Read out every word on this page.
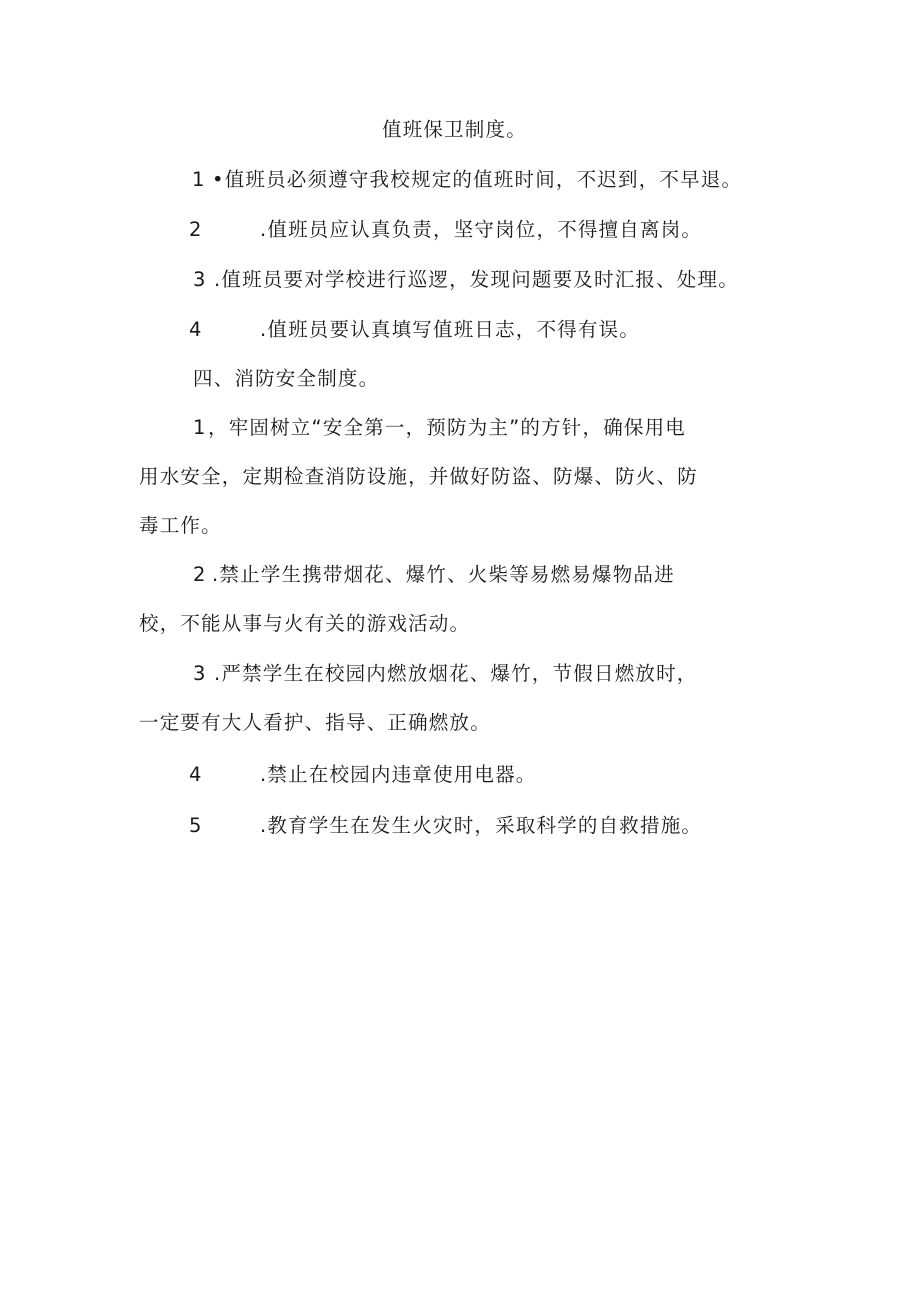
值班保卫制度。
1 •值班员必须遵守我校规定的值班时间，不迟到，不早退。
2	.值班员应认真负责，坚守岗位，不得擅自离岗。
3 .值班员要对学校进行巡逻，发现问题要及时汇报、处理。
4	.值班员要认真填写值班日志，不得有误。
四、消防安全制度。
1 ，牢固树立“安全第一，预防为主”的方针，确保用电
用水安全，定期检查消防设施，并做好防盗、防爆、防火、防
毒工作。
2 .禁止学生携带烟花、爆竹、火柴等易燃易爆物品进
校，不能从事与火有关的游戏活动。
3 .严禁学生在校园内燃放烟花、爆竹，节假日燃放时，
一定要有大人看护、指导、正确燃放。
4	.禁止在校园内违章使用电器。
5	.教育学生在发生火灾时，采取科学的自救措施。
